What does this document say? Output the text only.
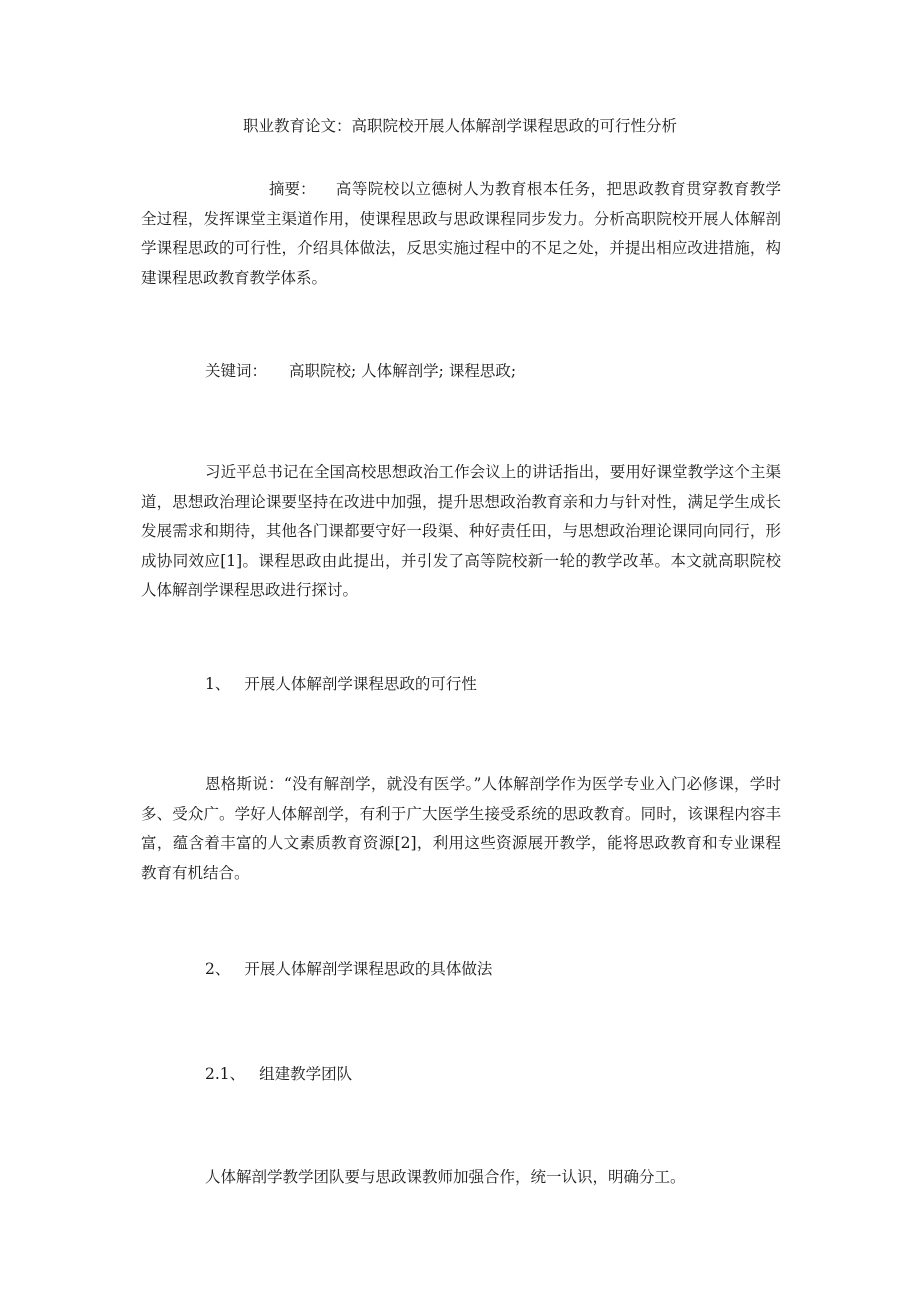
职业教育论文：高职院校开展人体解剖学课程思政的可行性分析
摘要： 高等院校以立德树人为教育根本任务，把思政教育贯穿教育教学全过程，发挥课堂主渠道作用，使课程思政与思政课程同步发力。分析高职院校开展人体解剖学课程思政的可行性，介绍具体做法，反思实施过程中的不足之处，并提出相应改进措施，构建课程思政教育教学体系。
关键词： 高职院校; 人体解剖学; 课程思政;
习近平总书记在全国高校思想政治工作会议上的讲话指出，要用好课堂教学这个主渠道，思想政治理论课要坚持在改进中加强，提升思想政治教育亲和力与针对性，满足学生成长发展需求和期待，其他各门课都要守好一段渠、种好责任田，与思想政治理论课同向同行，形成协同效应[1]。课程思政由此提出，并引发了高等院校新一轮的教学改革。本文就高职院校人体解剖学课程思政进行探讨。
1、 开展人体解剖学课程思政的可行性
恩格斯说：“没有解剖学，就没有医学。”人体解剖学作为医学专业入门必修课，学时多、受众广。学好人体解剖学，有利于广大医学生接受系统的思政教育。同时，该课程内容丰富，蕴含着丰富的人文素质教育资源[2]，利用这些资源展开教学，能将思政教育和专业课程教育有机结合。
2、 开展人体解剖学课程思政的具体做法
2.1、 组建教学团队
人体解剖学教学团队要与思政课教师加强合作，统一认识，明确分工。
